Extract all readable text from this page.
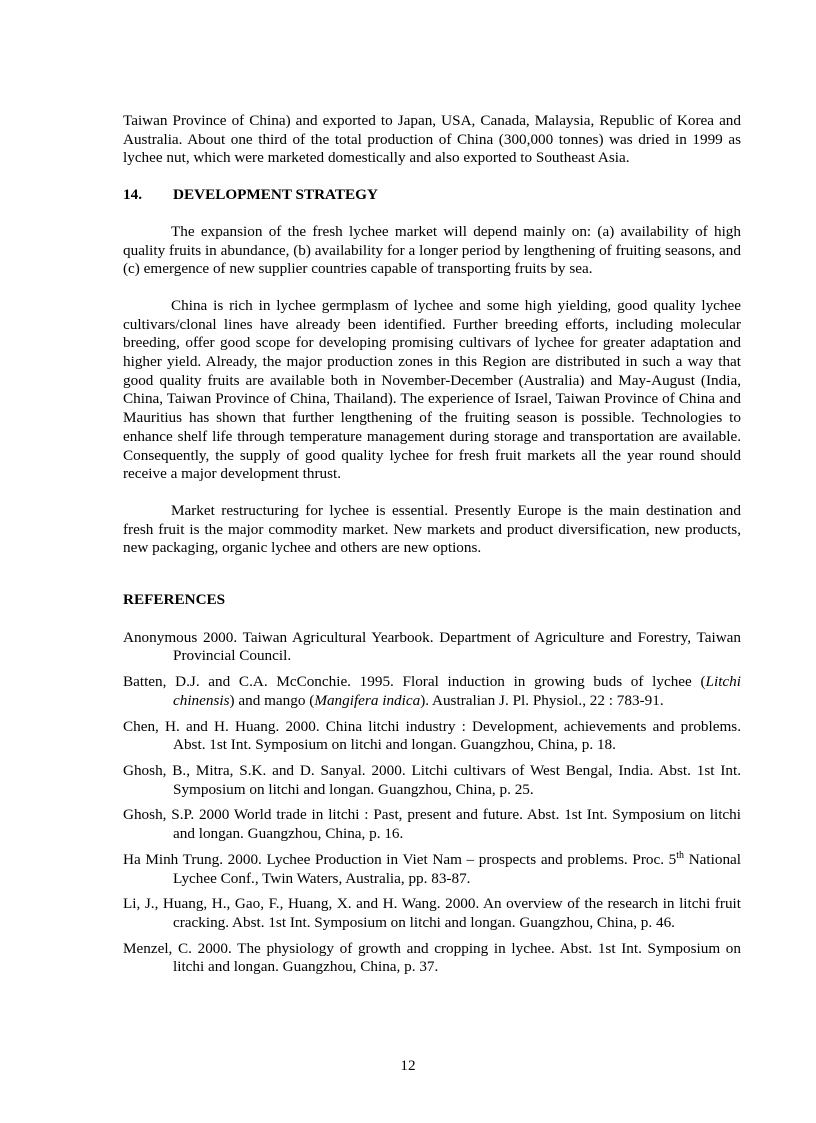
Taiwan Province of China) and exported to Japan, USA, Canada, Malaysia, Republic of Korea and Australia. About one third of the total production of China (300,000 tonnes) was dried in 1999 as lychee nut, which were marketed domestically and also exported to Southeast Asia.

14.	DEVELOPMENT STRATEGY

The expansion of the fresh lychee market will depend mainly on: (a) availability of high quality fruits in abundance, (b) availability for a longer period by lengthening of fruiting seasons, and (c) emergence of new supplier countries capable of transporting fruits by sea.

China is rich in lychee germplasm of lychee and some high yielding, good quality lychee cultivars/clonal lines have already been identified. Further breeding efforts, including molecular breeding, offer good scope for developing promising cultivars of lychee for greater adaptation and higher yield. Already, the major production zones in this Region are distributed in such a way that good quality fruits are available both in November-December (Australia) and May-August (India, China, Taiwan Province of China, Thailand). The experience of Israel, Taiwan Province of China and Mauritius has shown that further lengthening of the fruiting season is possible. Technologies to enhance shelf life through temperature management during storage and transportation are available. Consequently, the supply of good quality lychee for fresh fruit markets all the year round should receive a major development thrust.

Market restructuring for lychee is essential. Presently Europe is the main destination and fresh fruit is the major commodity market. New markets and product diversification, new products, new packaging, organic lychee and others are new options.

REFERENCES

Anonymous 2000. Taiwan Agricultural Yearbook. Department of Agriculture and Forestry, Taiwan Provincial Council.

Batten, D.J. and C.A. McConchie. 1995. Floral induction in growing buds of lychee (Litchi chinensis) and mango (Mangifera indica). Australian J. Pl. Physiol., 22 : 783-91.

Chen, H. and H. Huang. 2000. China litchi industry : Development, achievements and problems. Abst. 1st Int. Symposium on litchi and longan. Guangzhou, China, p. 18.

Ghosh, B., Mitra, S.K. and D. Sanyal. 2000. Litchi cultivars of West Bengal, India. Abst. 1st Int. Symposium on litchi and longan. Guangzhou, China, p. 25.

Ghosh, S.P. 2000 World trade in litchi : Past, present and future. Abst. 1st Int. Symposium on litchi and longan. Guangzhou, China, p. 16.

Ha Minh Trung. 2000. Lychee Production in Viet Nam – prospects and problems. Proc. 5th National Lychee Conf., Twin Waters, Australia, pp. 83-87.

Li, J., Huang, H., Gao, F., Huang, X. and H. Wang. 2000. An overview of the research in litchi fruit cracking. Abst. 1st Int. Symposium on litchi and longan. Guangzhou, China, p. 46.

Menzel, C. 2000. The physiology of growth and cropping in lychee. Abst. 1st Int. Symposium on litchi and longan. Guangzhou, China, p. 37.

12
